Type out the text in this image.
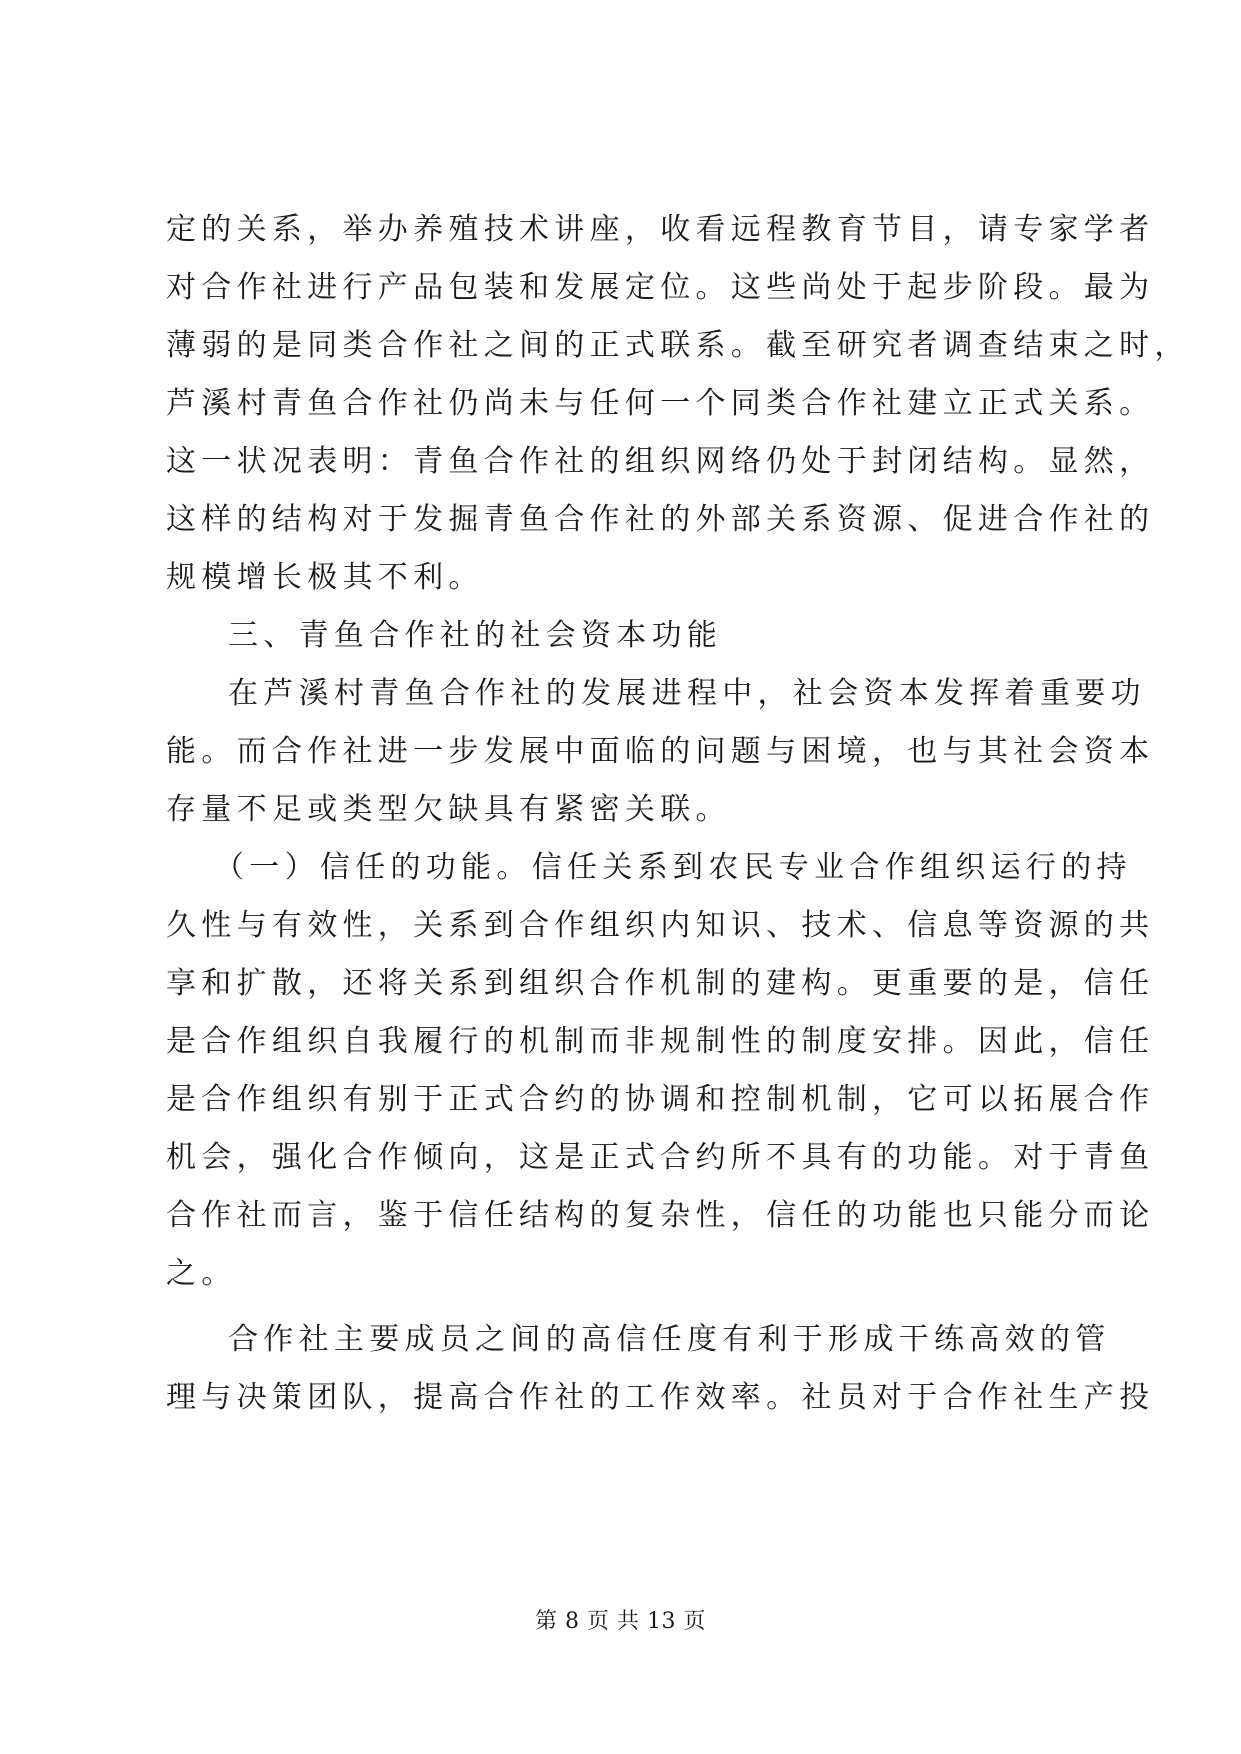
定的关系，举办养殖技术讲座，收看远程教育节目，请专家学者
对合作社进行产品包装和发展定位。这些尚处于起步阶段。最为
薄弱的是同类合作社之间的正式联系。截至研究者调查结束之时，
芦溪村青鱼合作社仍尚未与任何一个同类合作社建立正式关系。
这一状况表明：青鱼合作社的组织网络仍处于封闭结构。显然，
这样的结构对于发掘青鱼合作社的外部关系资源、促进合作社的
规模增长极其不利。
三、青鱼合作社的社会资本功能
在芦溪村青鱼合作社的发展进程中，社会资本发挥着重要功
能。而合作社进一步发展中面临的问题与困境，也与其社会资本
存量不足或类型欠缺具有紧密关联。
（一）信任的功能。信任关系到农民专业合作组织运行的持
久性与有效性，关系到合作组织内知识、技术、信息等资源的共
享和扩散，还将关系到组织合作机制的建构。更重要的是，信任
是合作组织自我履行的机制而非规制性的制度安排。因此，信任
是合作组织有别于正式合约的协调和控制机制，它可以拓展合作
机会，强化合作倾向，这是正式合约所不具有的功能。对于青鱼
合作社而言，鉴于信任结构的复杂性，信任的功能也只能分而论
之。
合作社主要成员之间的高信任度有利于形成干练高效的管
理与决策团队，提高合作社的工作效率。社员对于合作社生产投
第 8 页 共 13 页
